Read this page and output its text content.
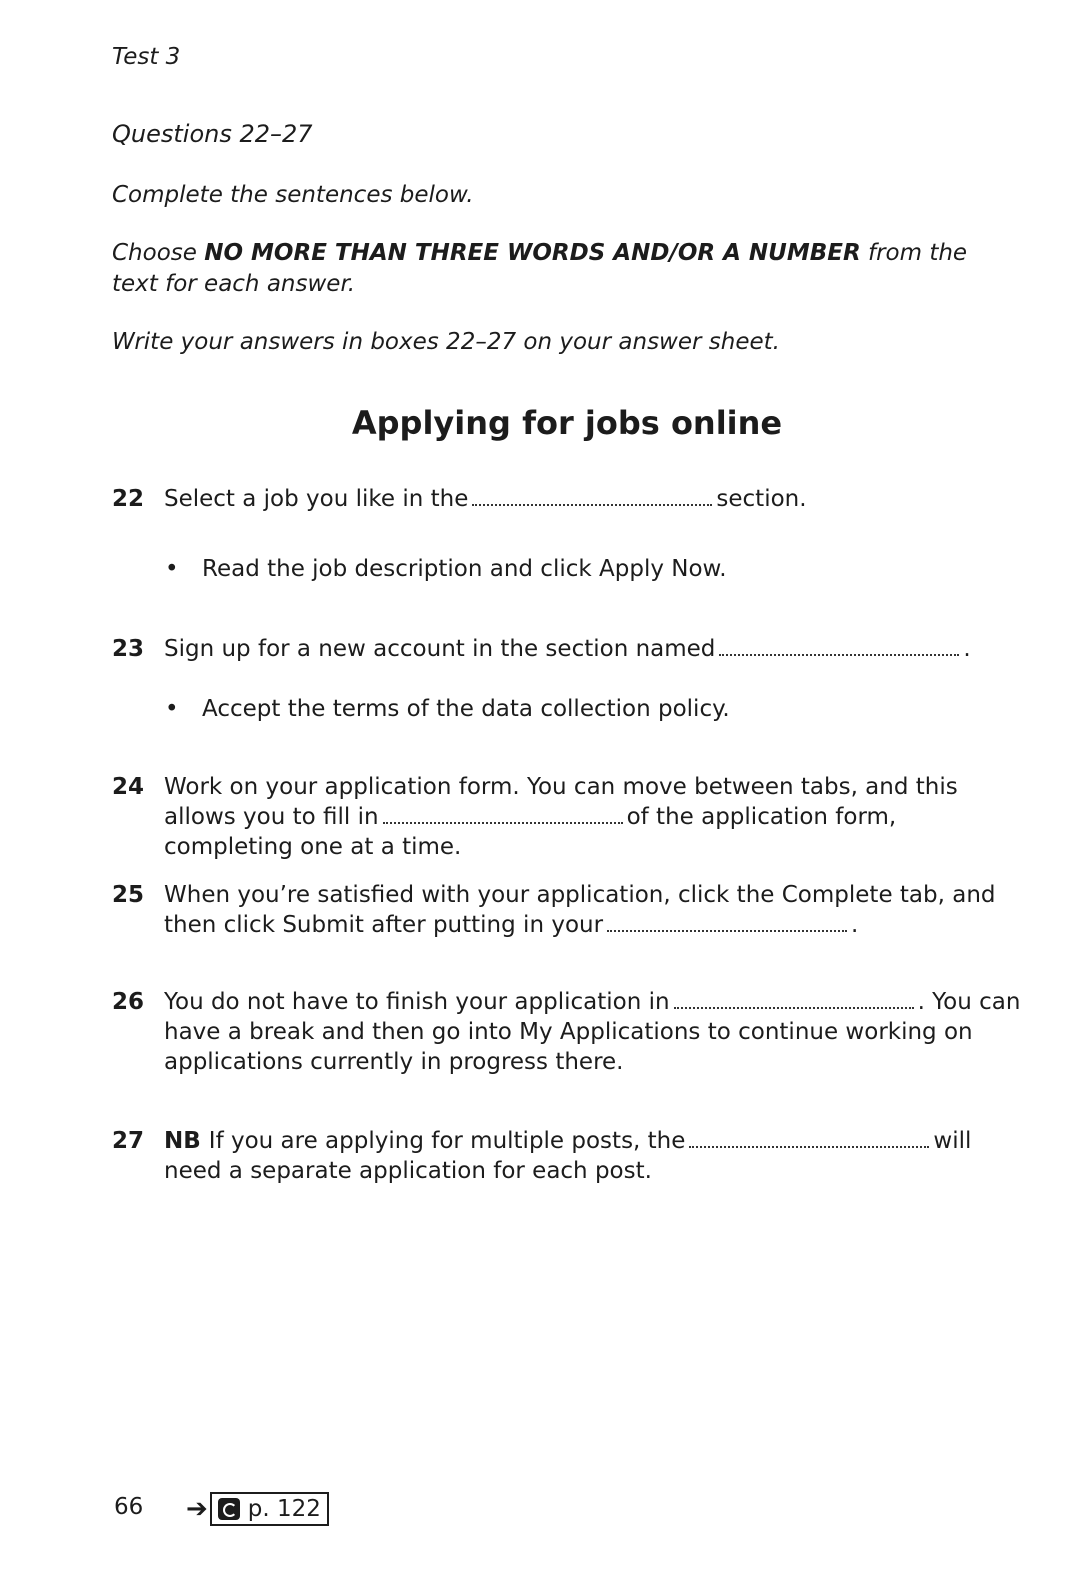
Test 3
Questions 22–27
Complete the sentences below.
Choose NO MORE THAN THREE WORDS AND/OR A NUMBER from the text for each answer.
Write your answers in boxes 22–27 on your answer sheet.
Applying for jobs online
22 Select a job you like in the	section.
• Read the job description and click Apply Now.
23 Sign up for a new account in the section named	.
• Accept the terms of the data collection policy.
24 Work on your application form. You can move between tabs, and this allows you to fill in	of the application form, completing one at a time.
25 When you’re satisfied with your application, click the Complete tab, and then click Submit after putting in your	.
26 You do not have to finish your application in	. You can have a break and then go into My Applications to continue working on applications currently in progress there.
27 NB If you are applying for multiple posts, the	will need a separate application for each post.
66 ➔ p. 122
